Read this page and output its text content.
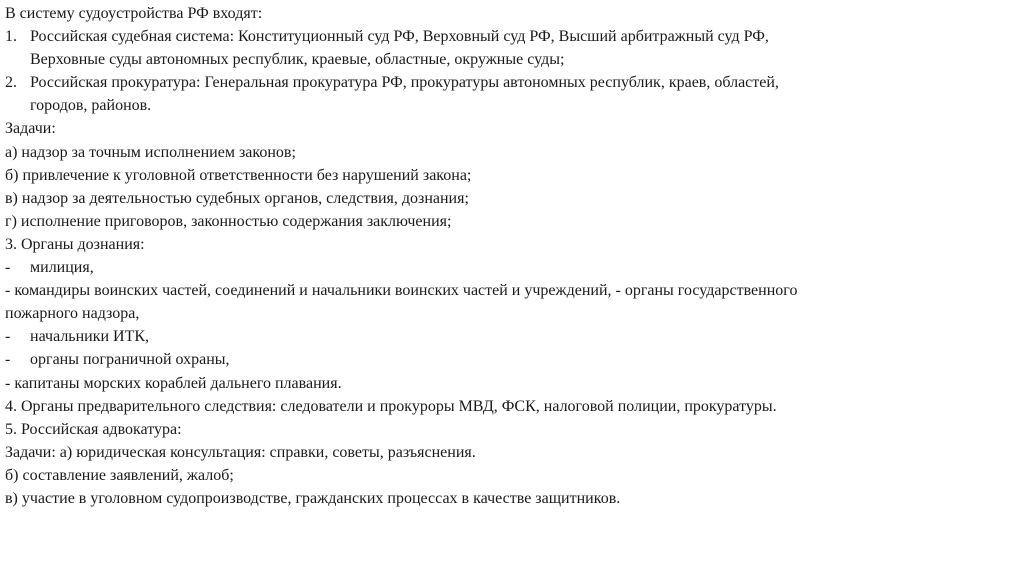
В систему судоустройства РФ входят:
1. Российская судебная система: Конституционный суд РФ, Верховный суд РФ, Высший арбитражный суд РФ,
Верховные суды автономных республик, краевые, областные, окружные суды;
2. Российская прокуратура: Генеральная прокуратура РФ, прокуратуры автономных республик, краев, областей,
городов, районов.
Задачи:
а) надзор за точным исполнением законов;
б) привлечение к уголовной ответственности без нарушений закона;
в) надзор за деятельностью судебных органов, следствия, дознания;
г) исполнение приговоров, законностью содержания заключения;
3. Органы дознания:
-	милиция,
- командиры воинских частей, соединений и начальники воинских частей и учреждений, - органы государственного
пожарного надзора,
-	начальники ИТК,
-	органы пограничной охраны,
- капитаны морских кораблей дальнего плавания.
4. Органы предварительного следствия: следователи и прокуроры МВД, ФСК, налоговой полиции, прокуратуры.
5. Российская адвокатура:
Задачи: а) юридическая консультация: справки, советы, разъяснения.
б) составление заявлений, жалоб;
в) участие в уголовном судопроизводстве, гражданских процессах в качестве защитников.
